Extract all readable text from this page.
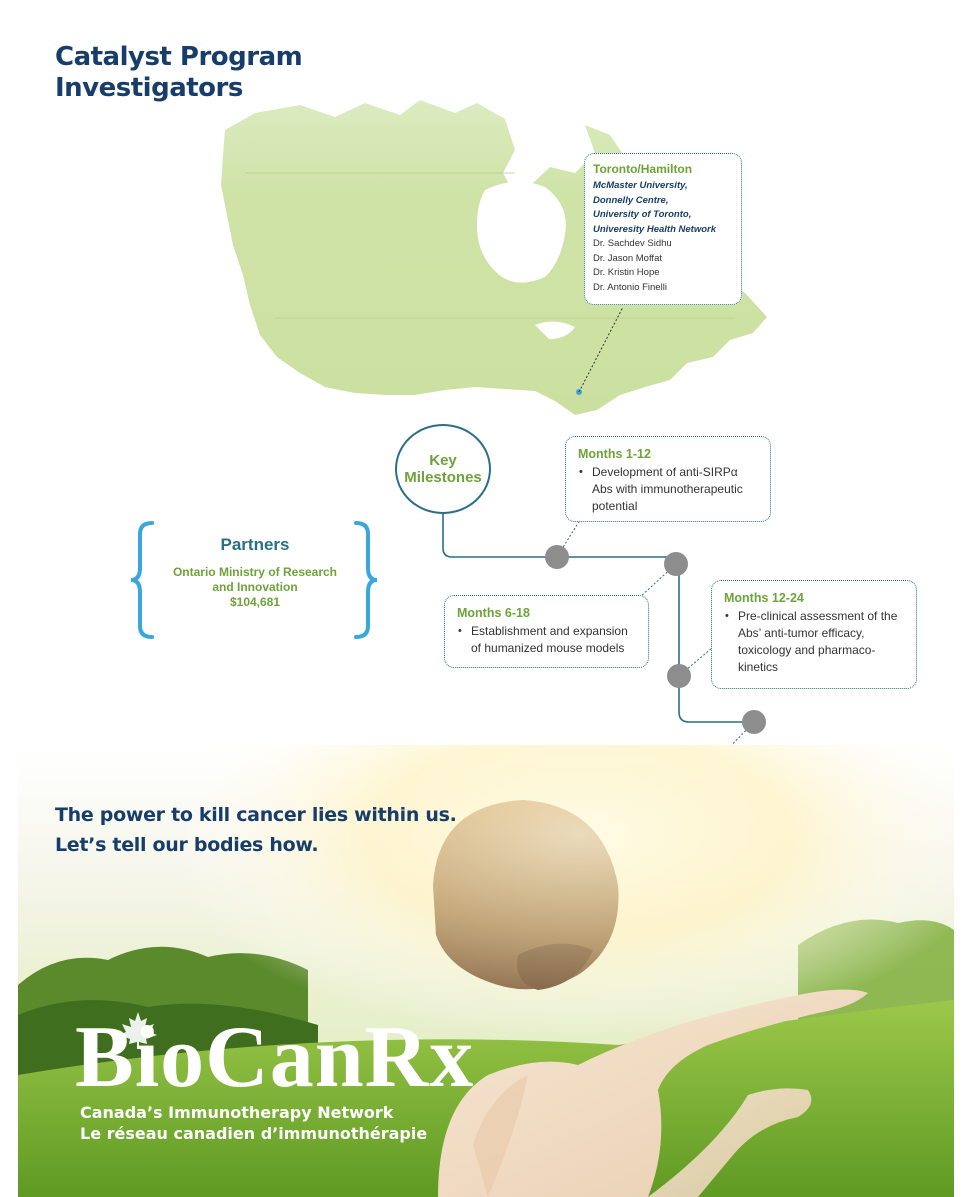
Catalyst Program
Investigators
Toronto/Hamilton
McMaster University,
Donnelly Centre,
University of Toronto,
Univeresity Health Network
Dr. Sachdev Sidhu
Dr. Jason Moffat
Dr. Kristin Hope
Dr. Antonio Finelli
Key
Milestones
Months 1-12
• Development of anti-SIRPα Abs with immunotherapeutic potential
Months 6-18
• Establishment and expansion of humanized mouse models
Months 12-24
• Pre-clinical assessment of the Abs’ anti-tumor efficacy, toxicology and pharmaco-kinetics
•
Partners
Ontario Ministry of Research
and Innovation
$104,681

The power to kill cancer lies within us.
Let’s tell our bodies how.

BioCanRx
Canada’s Immunotherapy Network
Le réseau canadien d’immunothérapie
